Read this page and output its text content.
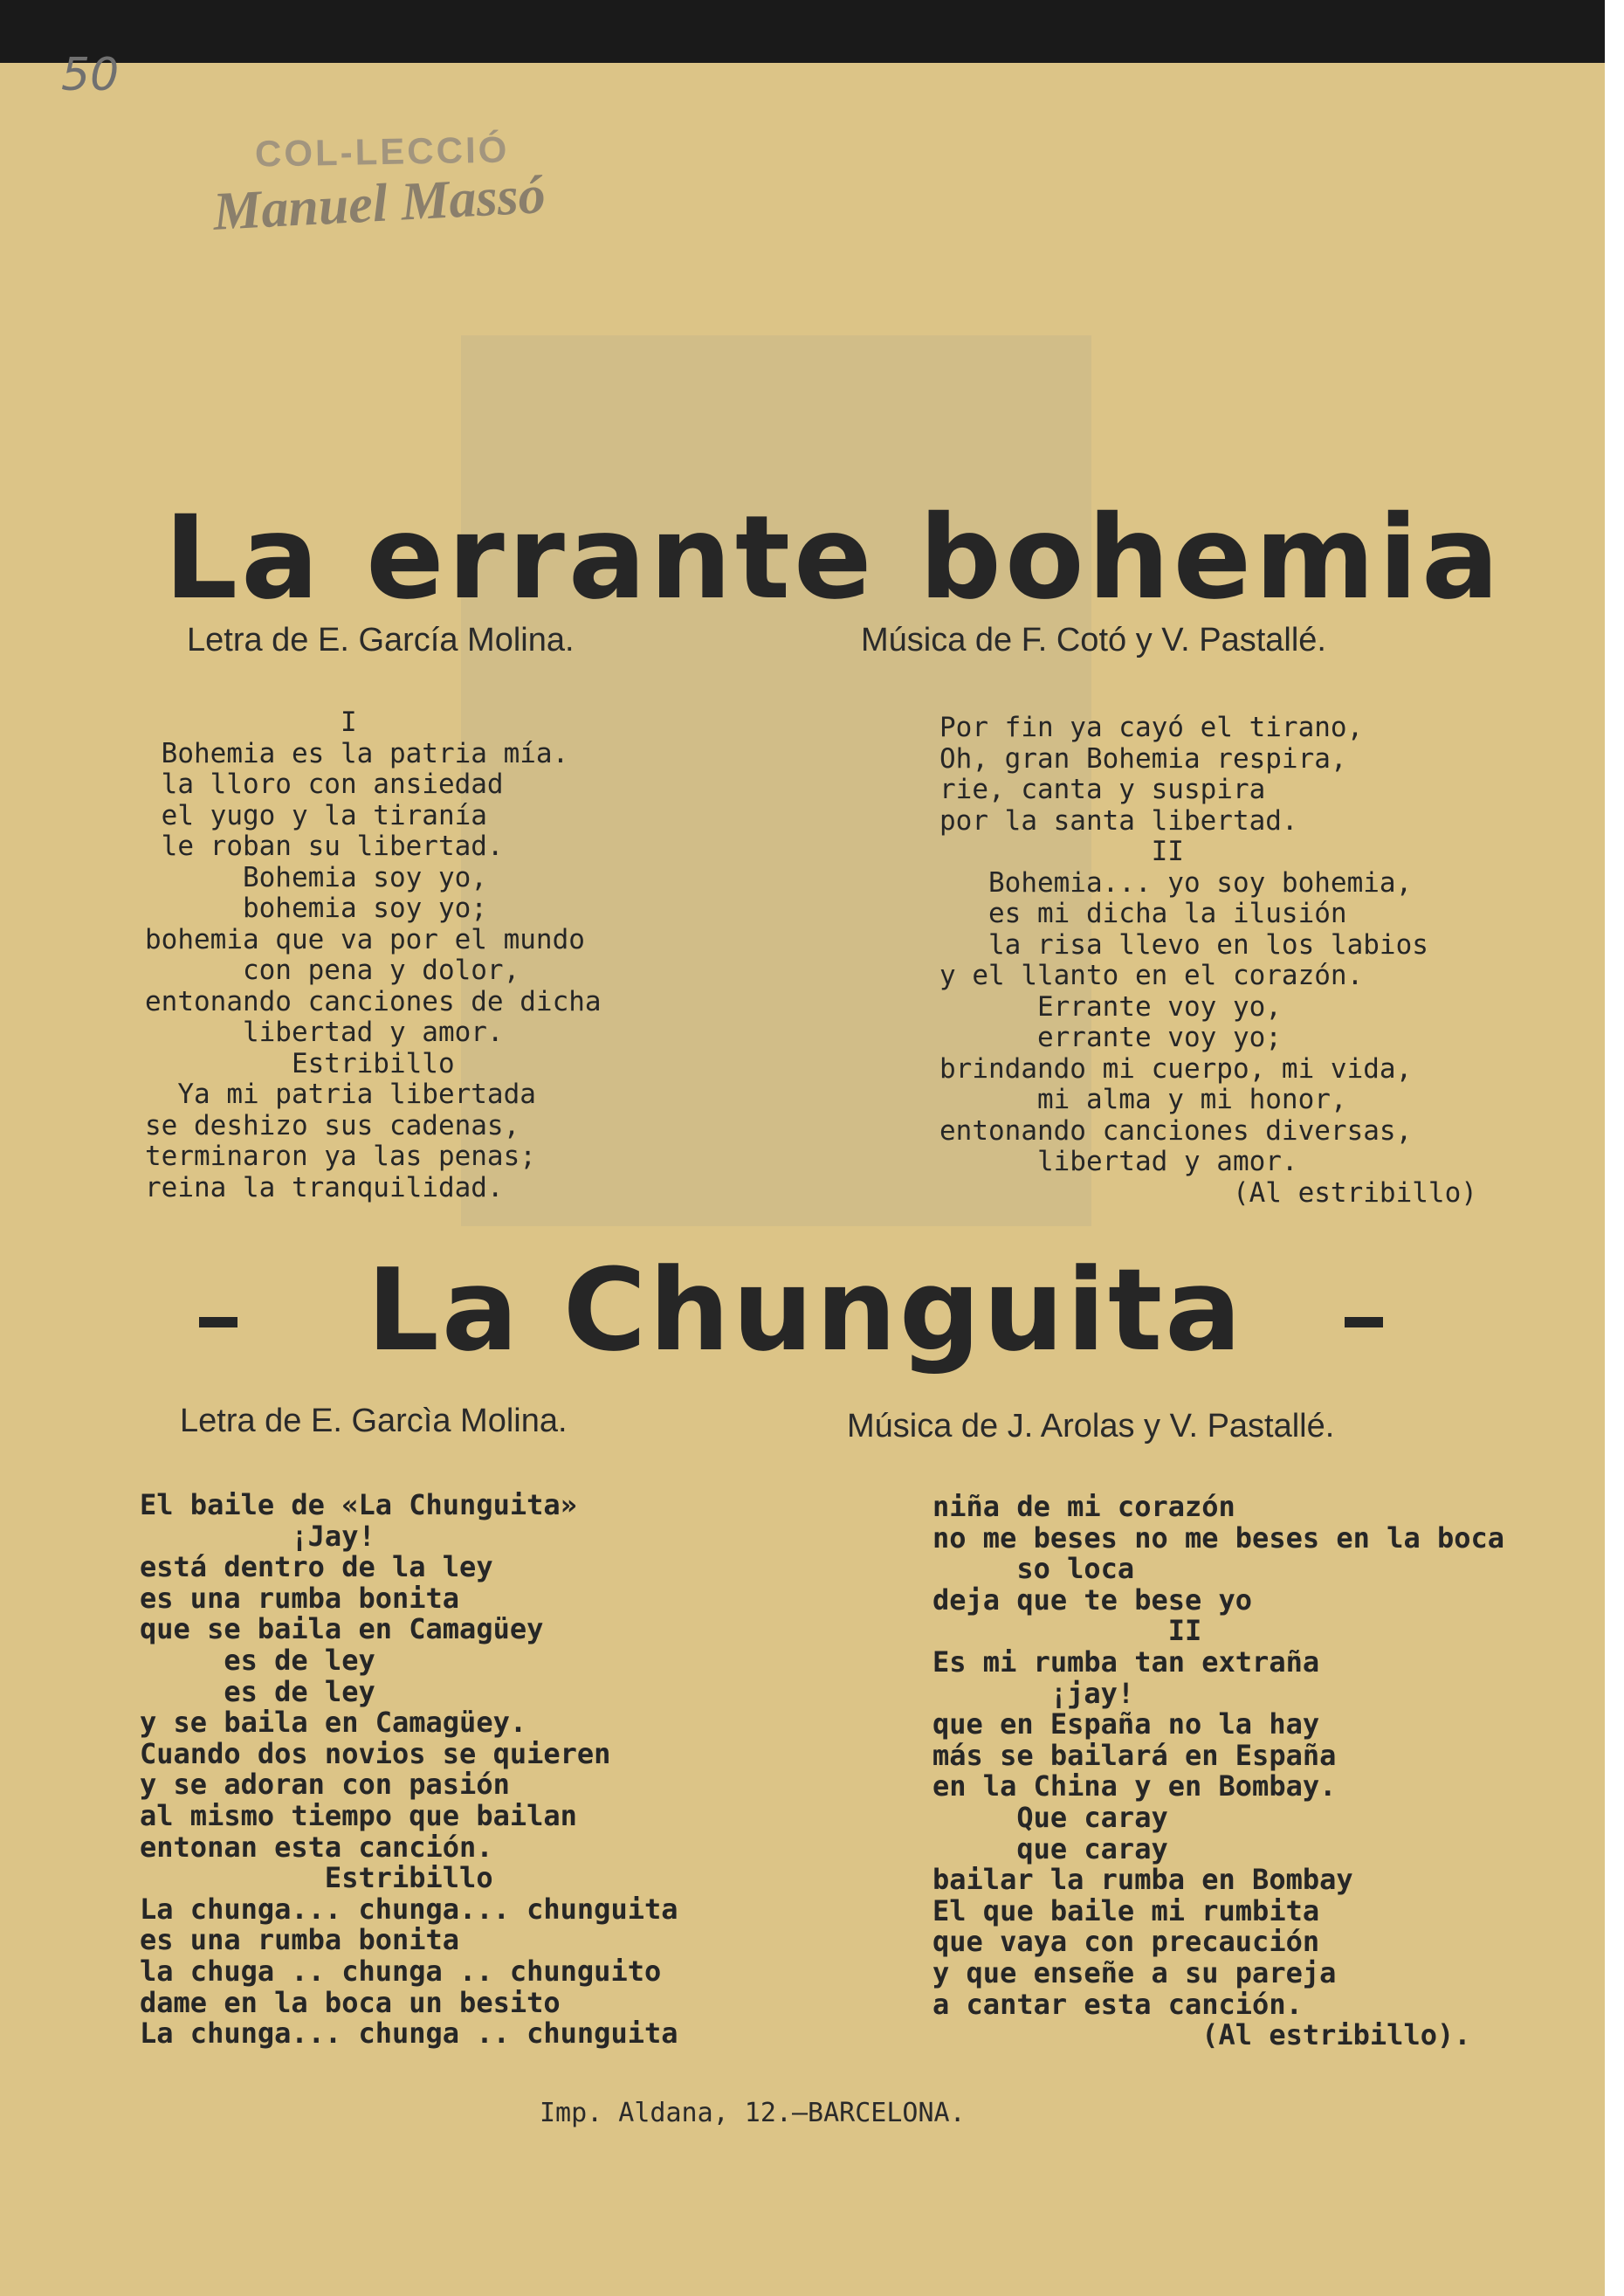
50
COL-LECCIÓ
Manuel Massó
La errante bohemia
Letra de E. García Molina.	Música de F. Cotó y V. Pastallé.
I
Bohemia es la patria mía.
la lloro con ansiedad
el yugo y la tiranía
le roban su libertad.
Bohemia soy yo,
bohemia soy yo;
bohemia que va por el mundo
con pena y dolor,
entonando canciones de dicha
libertad y amor.
Estribillo
Ya mi patria libertada
se deshizo sus cadenas,
terminaron ya las penas;
reina la tranquilidad.
Por fin ya cayó el tirano,
Oh, gran Bohemia respira,
rie, canta y suspira
por la santa libertad.
II
Bohemia... yo soy bohemia,
es mi dicha la ilusión
la risa llevo en los labios
y el llanto en el corazón.
Errante voy yo,
errante voy yo;
brindando mi cuerpo, mi vida,
mi alma y mi honor,
entonando canciones diversas,
libertad y amor.
(Al estribillo)
La Chunguita
Letra de E. Garcìa Molina.	Música de J. Arolas y V. Pastallé.
El baile de «La Chunguita»
¡Jay!
está dentro de la ley
es una rumba bonita
que se baila en Camagüey
es de ley
es de ley
y se baila en Camagüey.
Cuando dos novios se quieren
y se adoran con pasión
al mismo tiempo que bailan
entonan esta canción.
Estribillo
La chunga... chunga... chunguita
es una rumba bonita
la chuga .. chunga .. chunguito
dame en la boca un besito
La chunga... chunga .. chunguita
niña de mi corazón
no me beses no me beses en la boca
so loca
deja que te bese yo
II
Es mi rumba tan extraña
¡jay!
que en España no la hay
más se bailará en España
en la China y en Bombay.
Que caray
que caray
bailar la rumba en Bombay
El que baile mi rumbita
que vaya con precaución
y que enseñe a su pareja
a cantar esta canción.
(Al estribillo).
Imp. Aldana, 12.—BARCELONA.
